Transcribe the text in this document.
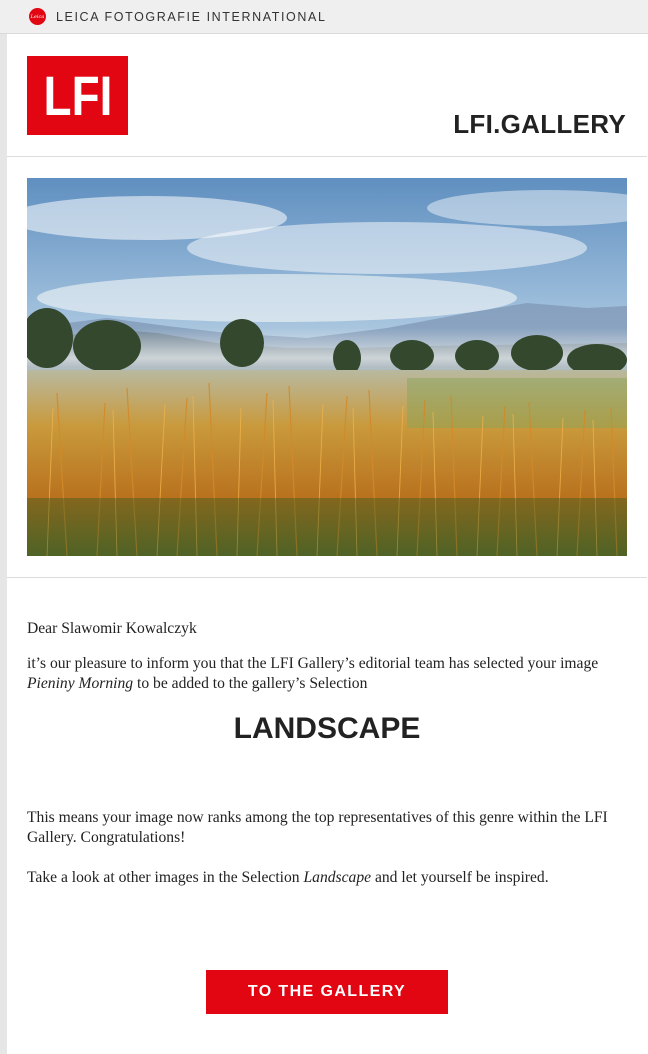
Leica LEICA FOTOGRAFIE INTERNATIONAL
LFI	LFI.GALLERY
Dear Slawomir Kowalczyk
it’s our pleasure to inform you that the LFI Gallery’s editorial team has selected your image Pieniny Morning to be added to the gallery’s Selection
LANDSCAPE
This means your image now ranks among the top representatives of this genre within the LFI Gallery. Congratulations!
Take a look at other images in the Selection Landscape and let yourself be inspired.
TO THE GALLERY
